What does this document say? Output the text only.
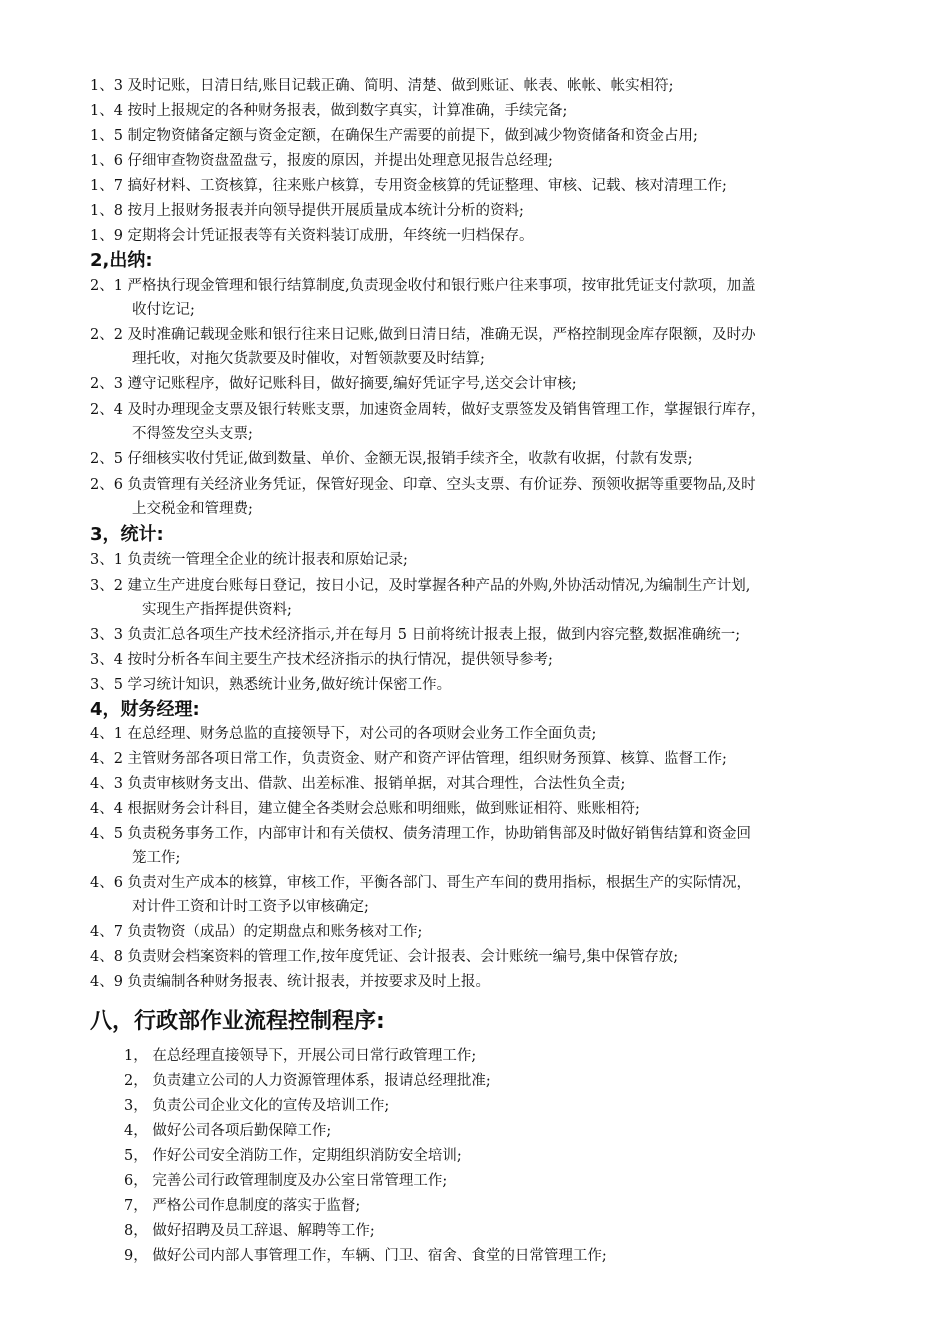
1、3 及时记账，日清日结,账目记载正确、简明、清楚、做到账证、帐表、帐帐、帐实相符;
1、4 按时上报规定的各种财务报表，做到数字真实，计算准确，手续完备;
1、5 制定物资储备定额与资金定额，在确保生产需要的前提下，做到减少物资储备和资金占用;
1、6 仔细审查物资盘盈盘亏，报废的原因，并提出处理意见报告总经理;
1、7 搞好材料、工资核算，往来账户核算，专用资金核算的凭证整理、审核、记载、核对清理工作;
1、8 按月上报财务报表并向领导提供开展质量成本统计分析的资料;
1、9 定期将会计凭证报表等有关资料装订成册，年终统一归档保存。
2,出纳:
2、1 严格执行现金管理和银行结算制度,负责现金收付和银行账户往来事项，按审批凭证支付款项，加盖
收付讫记;
2、2 及时准确记载现金账和银行往来日记账,做到日清日结，准确无误，严格控制现金库存限额，及时办
理托收，对拖欠货款要及时催收，对暂领款要及时结算;
2、3 遵守记账程序，做好记账科目，做好摘要,编好凭证字号,送交会计审核;
2、4 及时办理现金支票及银行转账支票，加速资金周转，做好支票签发及销售管理工作，掌握银行库存，
不得签发空头支票;
2、5 仔细核实收付凭证,做到数量、单价、金额无误,报销手续齐全，收款有收据，付款有发票;
2、6 负责管理有关经济业务凭证，保管好现金、印章、空头支票、有价证券、预领收据等重要物品,及时
上交税金和管理费;
3，统计:
3、1 负责统一管理全企业的统计报表和原始记录;
3、2 建立生产进度台账每日登记，按日小记，及时掌握各种产品的外购,外协活动情况,为编制生产计划,
实现生产指挥提供资料;
3、3 负责汇总各项生产技术经济指示,并在每月 5 日前将统计报表上报，做到内容完整,数据准确统一;
3、4 按时分析各车间主要生产技术经济指示的执行情况，提供领导参考;
3、5 学习统计知识，熟悉统计业务,做好统计保密工作。
4，财务经理:
4、1 在总经理、财务总监的直接领导下，对公司的各项财会业务工作全面负责;
4、2 主管财务部各项日常工作，负责资金、财产和资产评估管理，组织财务预算、核算、监督工作;
4、3 负责审核财务支出、借款、出差标准、报销单据，对其合理性，合法性负全责;
4、4 根据财务会计科目，建立健全各类财会总账和明细账，做到账证相符、账账相符;
4、5 负责税务事务工作，内部审计和有关债权、债务清理工作，协助销售部及时做好销售结算和资金回
笼工作;
4、6 负责对生产成本的核算，审核工作，平衡各部门、哥生产车间的费用指标，根据生产的实际情况，
对计件工资和计时工资予以审核确定;
4、7 负责物资（成品）的定期盘点和账务核对工作;
4、8 负责财会档案资料的管理工作,按年度凭证、会计报表、会计账统一编号,集中保管存放;
4、9 负责编制各种财务报表、统计报表，并按要求及时上报。
八，行政部作业流程控制程序:
1， 在总经理直接领导下，开展公司日常行政管理工作;
2， 负责建立公司的人力资源管理体系，报请总经理批准;
3， 负责公司企业文化的宣传及培训工作;
4， 做好公司各项后勤保障工作;
5， 作好公司安全消防工作，定期组织消防安全培训;
6， 完善公司行政管理制度及办公室日常管理工作;
7， 严格公司作息制度的落实于监督;
8， 做好招聘及员工辞退、解聘等工作;
9， 做好公司内部人事管理工作，车辆、门卫、宿舍、食堂的日常管理工作;
